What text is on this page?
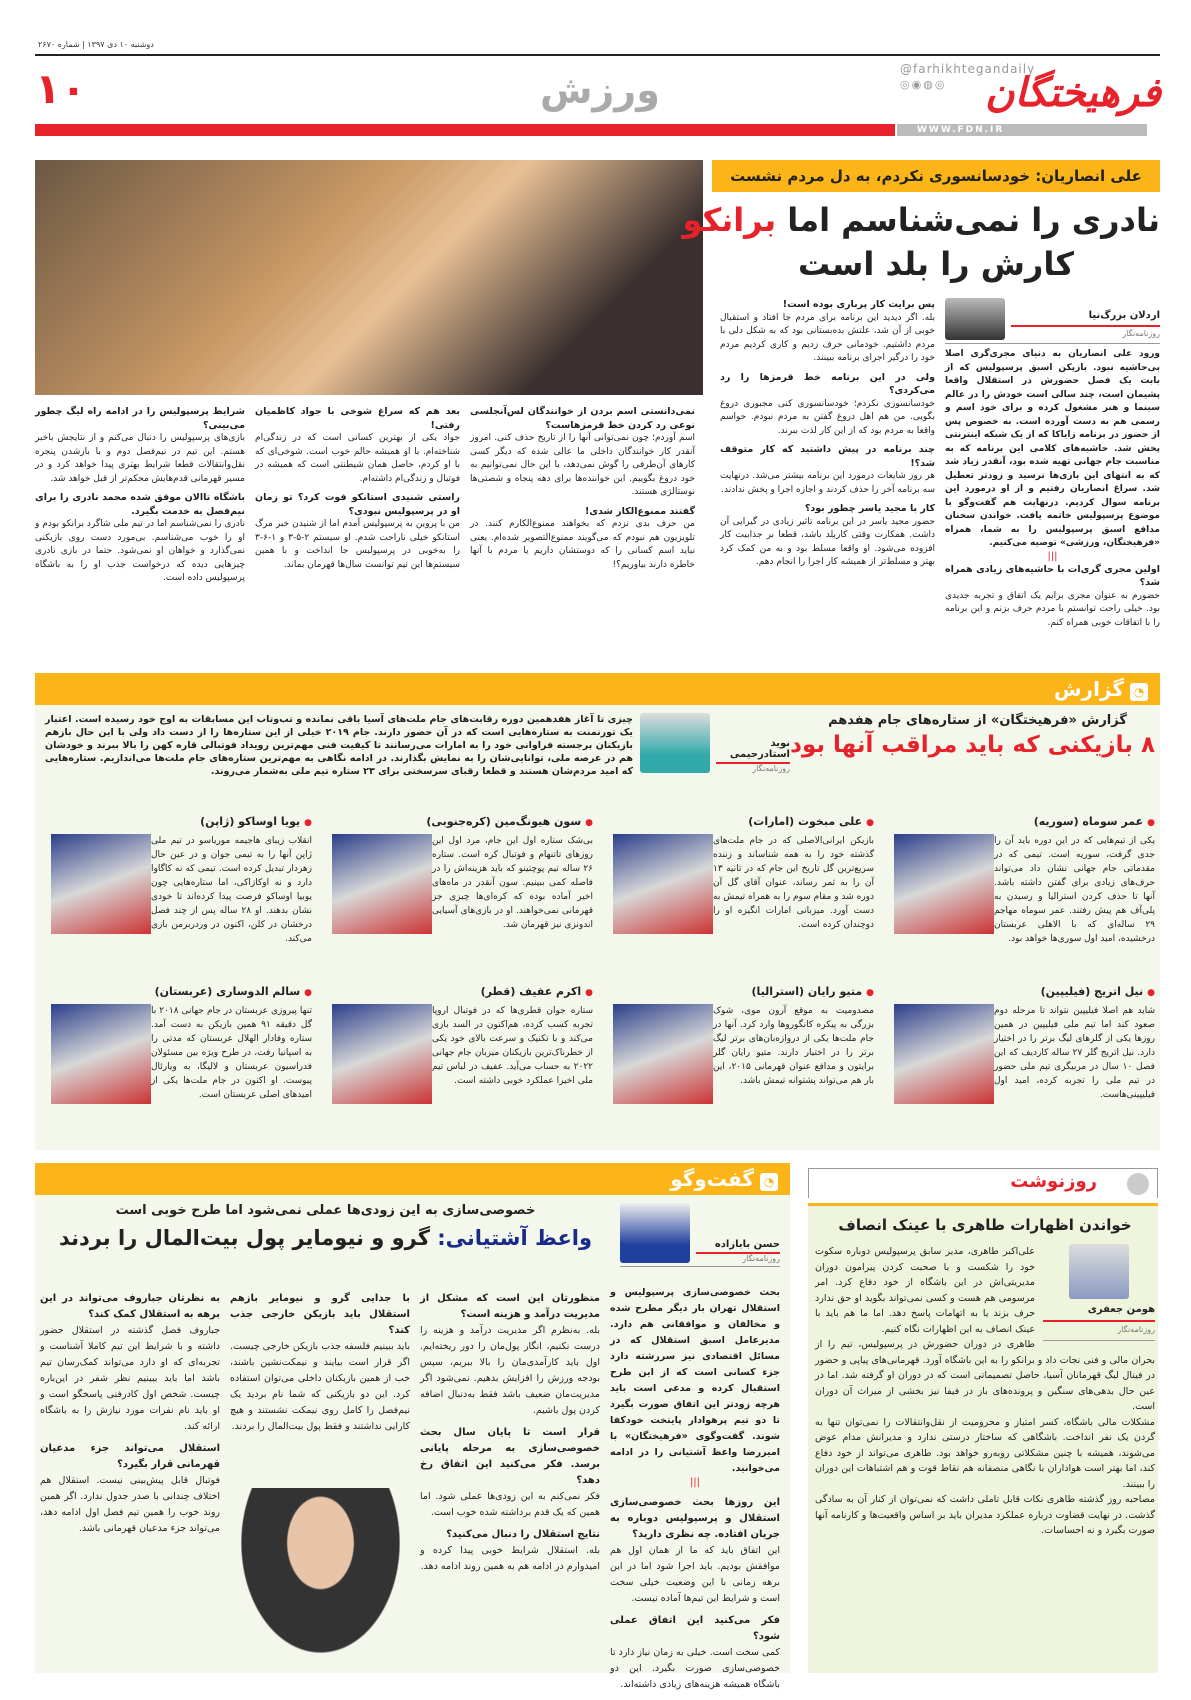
دوشنبه ۱۰ دی ۱۳۹۷ | شماره ۲۶۷۰
فرهیختگان
@farhikhtegandaily
◎◉◍◎
ورزش
۱۰
WWW.FDN.IR
علی انصاریان: خودسانسوری نکردم، به دل مردم نشست
نادری را نمی‌شناسم اما برانکو
کارش را بلد است
اردلان بزرگ‌نیا
روزنامه‌نگار

ورود علی انصاریان به دنیای مجری‌گری اصلا بی‌حاشیه نبود. بازیکن اسبق پرسپولیس که از بابت یک فصل حضورش در استقلال واقعا پشیمان است، چند سالی است خودش را در عالم سینما و هنر مشغول کرده و برای خود اسم و رسمی هم به دست آورده است. به خصوص پس از حضور در برنامه زایاکا که از یک شبکه اینترنتی پخش شد. حاشیه‌های کلامی این برنامه که به مناسبت جام جهانی تهیه شده بود، آنقدر زیاد شد که به انتهای این بازی‌ها نرسید و زودتر تعطیل شد. سراغ انصاریان رفتیم و از او درمورد این برنامه سوال کردیم. درنهایت هم گفت‌وگو با موضوع پرسپولیس خاتمه یافت. خواندن سخنان مدافع اسبق پرسپولیس را به شما، همراه «فرهیختگان، ورزشی» توصیه می‌کنیم.

|||
اولین مجری گری‌ات با حاشیه‌های زیادی همراه شد؟

حضورم به عنوان مجری برایم یک اتفاق و تجربه جدیدی بود. خیلی راحت توانستم با مردم حرف بزنم و این برنامه را با اتفاقات خوبی همراه کنم.

پس برایت کار پرباری بوده است!

بله. اگر دیدید این برنامه برای مردم جا افتاد و استقبال خوبی از آن شد، علتش بده‌بستانی بود که به شکل دلی با مردم داشتیم. خودمانی حرف زدیم و کاری کردیم مردم خود را درگیر اجرای برنامه ببینند.

ولی در این برنامه خط قرمزها را رد می‌کردی؟

خودسانسوری نکردم؛ خودسانسوری کنی مجبوری دروغ بگویی. من هم اهل دروغ گفتن به مردم نبودم. حواسم واقعا به مردم بود که از این کار لذت ببرند.

چند برنامه در پیش داشتید که کار متوقف شد؟!

هر روز شایعات درمورد این برنامه بیشتر می‌شد. درنهایت سه برنامه آخر را حذف کردند و اجازه اجرا و پخش ندادند.

کار با مجید یاسر چطور بود؟

حضور مجید یاسر در این برنامه تاثیر زیادی در گیرایی آن داشت. همکارت وقتی کاربلد باشد، قطعا بر جذابیت کار افزوده می‌شود. او واقعا مسلط بود و به من کمک کرد بهتر و مسلط‌تر از همیشه کار اجرا را انجام دهم.

نمی‌دانستی اسم بردن از خوانندگان لس‌آنجلسی نوعی رد کردن خط قرمزهاست؟

اسم آوردم؛ چون نمی‌توانی آنها را از تاریخ حذف کنی. امروز آنقدر کار خوانندگان داخلی ما عالی شده که دیگر کسی کارهای آن‌طرفی را گوش نمی‌دهد، با این حال نمی‌توانیم به خود دروغ بگوییم. این خواننده‌ها برای دهه پنجاه و شصتی‌ها نوستالژی هستند.

گفتند ممنوع‌الکار شدی!

من حرف بدی نزدم که بخواهند ممنوع‌الکارم کنند. در تلویزیون هم نبودم که می‌گویند ممنوع‌التصویر شده‌ام. یعنی نباید اسم کسانی را که دوستشان داریم یا مردم با آنها خاطره دارند بیاوریم؟!

بعد هم که سراغ شوخی با جواد کاظمیان رفتی!

جواد یکی از بهترین کسانی است که در زندگی‌ام شناخته‌ام. با او همیشه حالم خوب است. شوخی‌ای که با او کردم، حاصل همان شیطنتی است که همیشه در فوتبال و زندگی‌ام داشته‌ام.

راستی شنیدی استانکو فوت کرد؟ تو زمان او در پرسپولیس نبودی؟

من با پروین به پرسپولیس آمدم اما از شنیدن خبر مرگ استانکو خیلی ناراحت شدم. او سیستم ۲-۵-۳ و ۱-۶-۳ را به‌خوبی در پرسپولیس جا انداخت و با همین سیستم‌ها این تیم توانست سال‌ها قهرمان بماند.

شرایط پرسپولیس را در ادامه راه لیگ چطور می‌بینی؟

بازی‌های پرسپولیس را دنبال می‌کنم و از نتایجش باخبر هستم. این تیم در نیم‌فصل دوم و با بازشدن پنجره نقل‌وانتقالات قطعا شرایط بهتری پیدا خواهد کرد و در مسیر قهرمانی قدم‌هایش محکم‌تر از قبل خواهد شد.

باشگاه تاالان موفق شده محمد نادری را برای نیم‌فصل به خدمت بگیرد.

نادری را نمی‌شناسم اما در تیم ملی شاگرد برانکو بودم و او را خوب می‌شناسم. بی‌مورد دست روی بازیکنی نمی‌گذارد و خواهان او نمی‌شود. حتما در بازی نادری چیزهایی دیده که درخواست جذب او را به باشگاه پرسپولیس داده است.

◔گزارش
گزارش «فرهیختگان» از ستاره‌های جام هفدهم
۸ بازیکنی که باید مراقب آنها بود
نوید استادرحیمی
روزنامه‌نگار
چیزی تا آغاز هفدهمین دوره رقابت‌های جام ملت‌های آسیا باقی نمانده و تب‌وتاب این مسابقات به اوج خود رسیده است. اعتبار یک تورنمنت به ستاره‌هایی است که در آن حضور دارند. جام ۲۰۱۹ خیلی از این ستاره‌ها را از دست داد ولی با این حال بازهم بازیکنان برجسته فراوانی خود را به امارات می‌رسانند تا کیفیت فنی مهم‌ترین رویداد فوتبالی قاره کهن را بالا ببرند و خودشان هم در عرصه ملی، توانایی‌شان را به نمایش بگذارند. در ادامه نگاهی به مهم‌ترین ستاره‌های جام ملت‌ها می‌اندازیم. ستاره‌هایی که امید مردم‌شان هستند و قطعا رقبای سرسختی برای ۲۳ ستاره تیم ملی به‌شمار می‌روند.
● عمر سوماه (سوریه)

یکی از تیم‌هایی که در این دوره باید آن را جدی گرفت، سوریه است. تیمی که در مقدماتی جام جهانی نشان داد می‌تواند حرف‌های زیادی برای گفتن داشته باشد. آنها تا حذف کردن استرالیا و رسیدن به پلی‌آف هم پیش رفتند. عمر سوماه مهاجم ۲۹ ساله‌ای که با الاهلی عربستان درخشیده، امید اول سوری‌ها خواهد بود.

● علی مبخوت (امارات)

بازیکن ایرانی‌الاصلی که در جام ملت‌های گذشته خود را به همه شناساند و زننده سریع‌ترین گل تاریخ این جام که در ثانیه ۱۳ آن را به ثمر رساند، عنوان آقای گل آن دوره شد و مقام سوم را به همراه تیمش به دست آورد. میزبانی امارات انگیزه او را دوچندان کرده است.

● سون هیونگ‌مین (کره‌جنوبی)

بی‌شک ستاره اول این جام، مرد اول این روزهای تاتنهام و فوتبال کره است. ستاره ۲۶ ساله تیم پوچتینو که باید هزینه‌اش را در فاصله کمی ببینیم. سون آنقدر در ماه‌های اخیر آماده بوده که کره‌ای‌ها چیزی جز قهرمانی نمی‌خواهند. او در بازی‌های آسیایی اندونزی نیز قهرمان شد.

● یویا اوساکو (ژاپن)

انقلاب زیبای هاجیمه موریاسو در تیم ملی ژاپن آنها را به تیمی جوان و در عین حال زهردار تبدیل کرده است. تیمی که نه کاگاوا دارد و نه اوکازاکی، اما ستاره‌هایی چون یوبیا اوساکو فرصت پیدا کرده‌اند تا خودی نشان بدهند. او ۲۸ ساله پس از چند فصل درخشان در کلن، اکنون در وردربرمن بازی می‌کند.

● نیل اتریج (فیلیپین)

شاید هم اصلا فیلیپین نتواند تا مرحله دوم صعود کند اما تیم ملی فیلیپین در همین روزها یکی از گلرهای لیگ برتر را در اختیار دارد. نیل اتریج گلر ۲۷ ساله کاردیف که این فصل ۱۰ سال در مربیگری تیم ملی حضور در تیم ملی را تجربه کرده، امید اول فیلیپینی‌هاست.

● متیو رایان (استرالیا)

مصدومیت به موقع آرون موی، شوک بزرگی به پیکره کانگوروها وارد کرد. آنها در جام ملت‌ها یکی از دروازه‌بان‌های برتر لیگ برتر را در اختیار دارند. متیو رایان گلر برایتون و مدافع عنوان قهرمانی ۲۰۱۵، این بار هم می‌تواند پشتوانه تیمش باشد.

● اکرم عفیف (قطر)

ستاره جوان قطری‌ها که در فوتبال اروپا تجربه کسب کرده، هم‌اکنون در السد بازی می‌کند و با تکنیک و سرعت بالای خود یکی از خطرناک‌ترین بازیکنان میزبان جام جهانی ۲۰۲۲ به حساب می‌آید. عفیف در لباس تیم ملی اخیرا عملکرد خوبی داشته است.

● سالم الدوساری (عربستان)

تنها پیروزی عربستان در جام جهانی ۲۰۱۸ با گل دقیقه ۹۱ همین بازیکن به دست آمد. ستاره وفادار الهلال عربستان که مدتی را به اسپانیا رفت، در طرح ویژه بین مسئولان فدراسیون عربستان و لالیگا، به ویارئال پیوست. او اکنون در جام ملت‌ها یکی از امیدهای اصلی عربستان است.

◔گفت‌وگو
خصوصی‌سازی به این زودی‌ها عملی نمی‌شود اما طرح خوبی است
واعظ آشتیانی: گرو و نیومایر پول بیت‌المال را بردند	حسن بابازاده
روزنامه‌نگار

بحث خصوصی‌سازی پرسپولیس و استقلال تهران بار دیگر مطرح شده و مخالفان و موافقانی هم دارد. مدیرعامل اسبق استقلال که در مسائل اقتصادی نیز سررشته دارد جزء کسانی است که از این طرح استقبال کرده و مدعی است باید هرچه زودتر این اتفاق صورت بگیرد تا دو تیم پرهوادار پایتخت خودکفا شوند. گفت‌وگوی «فرهیختگان» با امیررضا واعظ آشتیانی را در ادامه می‌خوانید.

|||
این روزها بحث خصوصی‌سازی استقلال و پرسپولیس دوباره به جریان افتاده. چه نظری دارید؟

این اتفاق باید که ما از همان اول هم موافقش بودیم. باید اجرا شود اما در این برهه زمانی با این وضعیت خیلی سخت است و شرایط این تیم‌ها آماده نیست.

فکر می‌کنید این اتفاق عملی شود؟

کمی سخت است. خیلی به زمان نیاز دارد تا خصوصی‌سازی صورت بگیرد. این دو باشگاه همیشه هزینه‌های زیادی داشته‌اند.

منظورتان این است که مشکل از مدیریت درآمد و هزینه است؟

بله. به‌نظرم اگر مدیریت درآمد و هزینه را درست نکنیم، انگار پول‌مان را دور ریخته‌ایم. اول باید کارآمدی‌مان را بالا ببریم، سپس بودجه ورزش را افزایش بدهیم. نمی‌شود اگر مدیریت‌مان ضعیف باشد فقط به‌دنبال اضافه کردن پول باشیم.

قرار است تا پایان سال بحث خصوصی‌سازی به مرحله پایانی برسد. فکر می‌کنید این اتفاق رخ دهد؟

فکر نمی‌کنم به این زودی‌ها عملی شود. اما همین که یک قدم برداشته شده خوب است.

نتایج استقلال را دنبال می‌کنید؟

بله. استقلال شرایط خوبی پیدا کرده و امیدوارم در ادامه هم به همین روند ادامه دهد.

با جدایی گرو و نیومایر بازهم استقلال باید بازیکن خارجی جذب کند؟

باید ببینیم فلسفه جذب بازیکن خارجی چیست. اگر قرار است بیایند و نیمکت‌نشین باشند، خب از همین بازیکنان داخلی می‌توان استفاده کرد. این دو بازیکنی که شما نام بردید یک نیم‌فصل را کامل روی نیمکت نشستند و هیچ کارایی نداشتند و فقط پول بیت‌المال را بردند.

به نظرتان جباروف می‌تواند در این برهه به استقلال کمک کند؟

جباروف فصل گذشته در استقلال حضور داشته و با شرایط این تیم کاملا آشناست و تجربه‌ای که او دارد می‌تواند کمک‌رسان تیم باشد اما باید ببینیم نظر شفر در این‌باره چیست. شخص اول کادرفنی پاسخگو است و او باید نام نفرات مورد نیازش را به باشگاه ارائه کند.

استقلال می‌تواند جزء مدعیان قهرمانی قرار بگیرد؟

فوتبال قابل پیش‌بینی نیست. استقلال هم اختلاف چندانی با صدر جدول ندارد. اگر همین روند خوب را همین تیم فصل اول ادامه دهد، می‌تواند جزء مدعیان قهرمانی باشد.

روزنوشت
خواندن اظهارات طاهری با عینک انصاف
هومن جعفری
روزنامه‌نگار

علی‌اکبر طاهری، مدیر سابق پرسپولیس دوباره سکوت خود را شکست و با صحبت کردن پیرامون دوران مدیریتی‌اش در این باشگاه از خود دفاع کرد. امر مرسومی هم هست و کسی نمی‌تواند بگوید او حق ندارد حرف بزند یا به اتهامات پاسخ دهد. اما ما هم باید با عینک انصاف به این اظهارات نگاه کنیم.

طاهری در دوران حضورش در پرسپولیس، تیم را از بحران مالی و فنی نجات داد و برانکو را به این باشگاه آورد. قهرمانی‌های پیاپی و حضور در فینال لیگ قهرمانان آسیا، حاصل تصمیماتی است که در دوران او گرفته شد. اما در عین حال بدهی‌های سنگین و پرونده‌های باز در فیفا نیز بخشی از میراث آن دوران است.

مشکلات مالی باشگاه، کسر امتیاز و محرومیت از نقل‌وانتقالات را نمی‌توان تنها به گردن یک نفر انداخت. باشگاهی که ساختار درستی ندارد و مدیرانش مدام عوض می‌شوند، همیشه با چنین مشکلاتی روبه‌رو خواهد بود. طاهری می‌تواند از خود دفاع کند، اما بهتر است هواداران با نگاهی منصفانه هم نقاط قوت و هم اشتباهات این دوران را ببینند.

مصاحبه روز گذشته طاهری نکات قابل تاملی داشت که نمی‌توان از کنار آن به سادگی گذشت. در نهایت قضاوت درباره عملکرد مدیران باید بر اساس واقعیت‌ها و کارنامه آنها صورت بگیرد و نه احساسات.
